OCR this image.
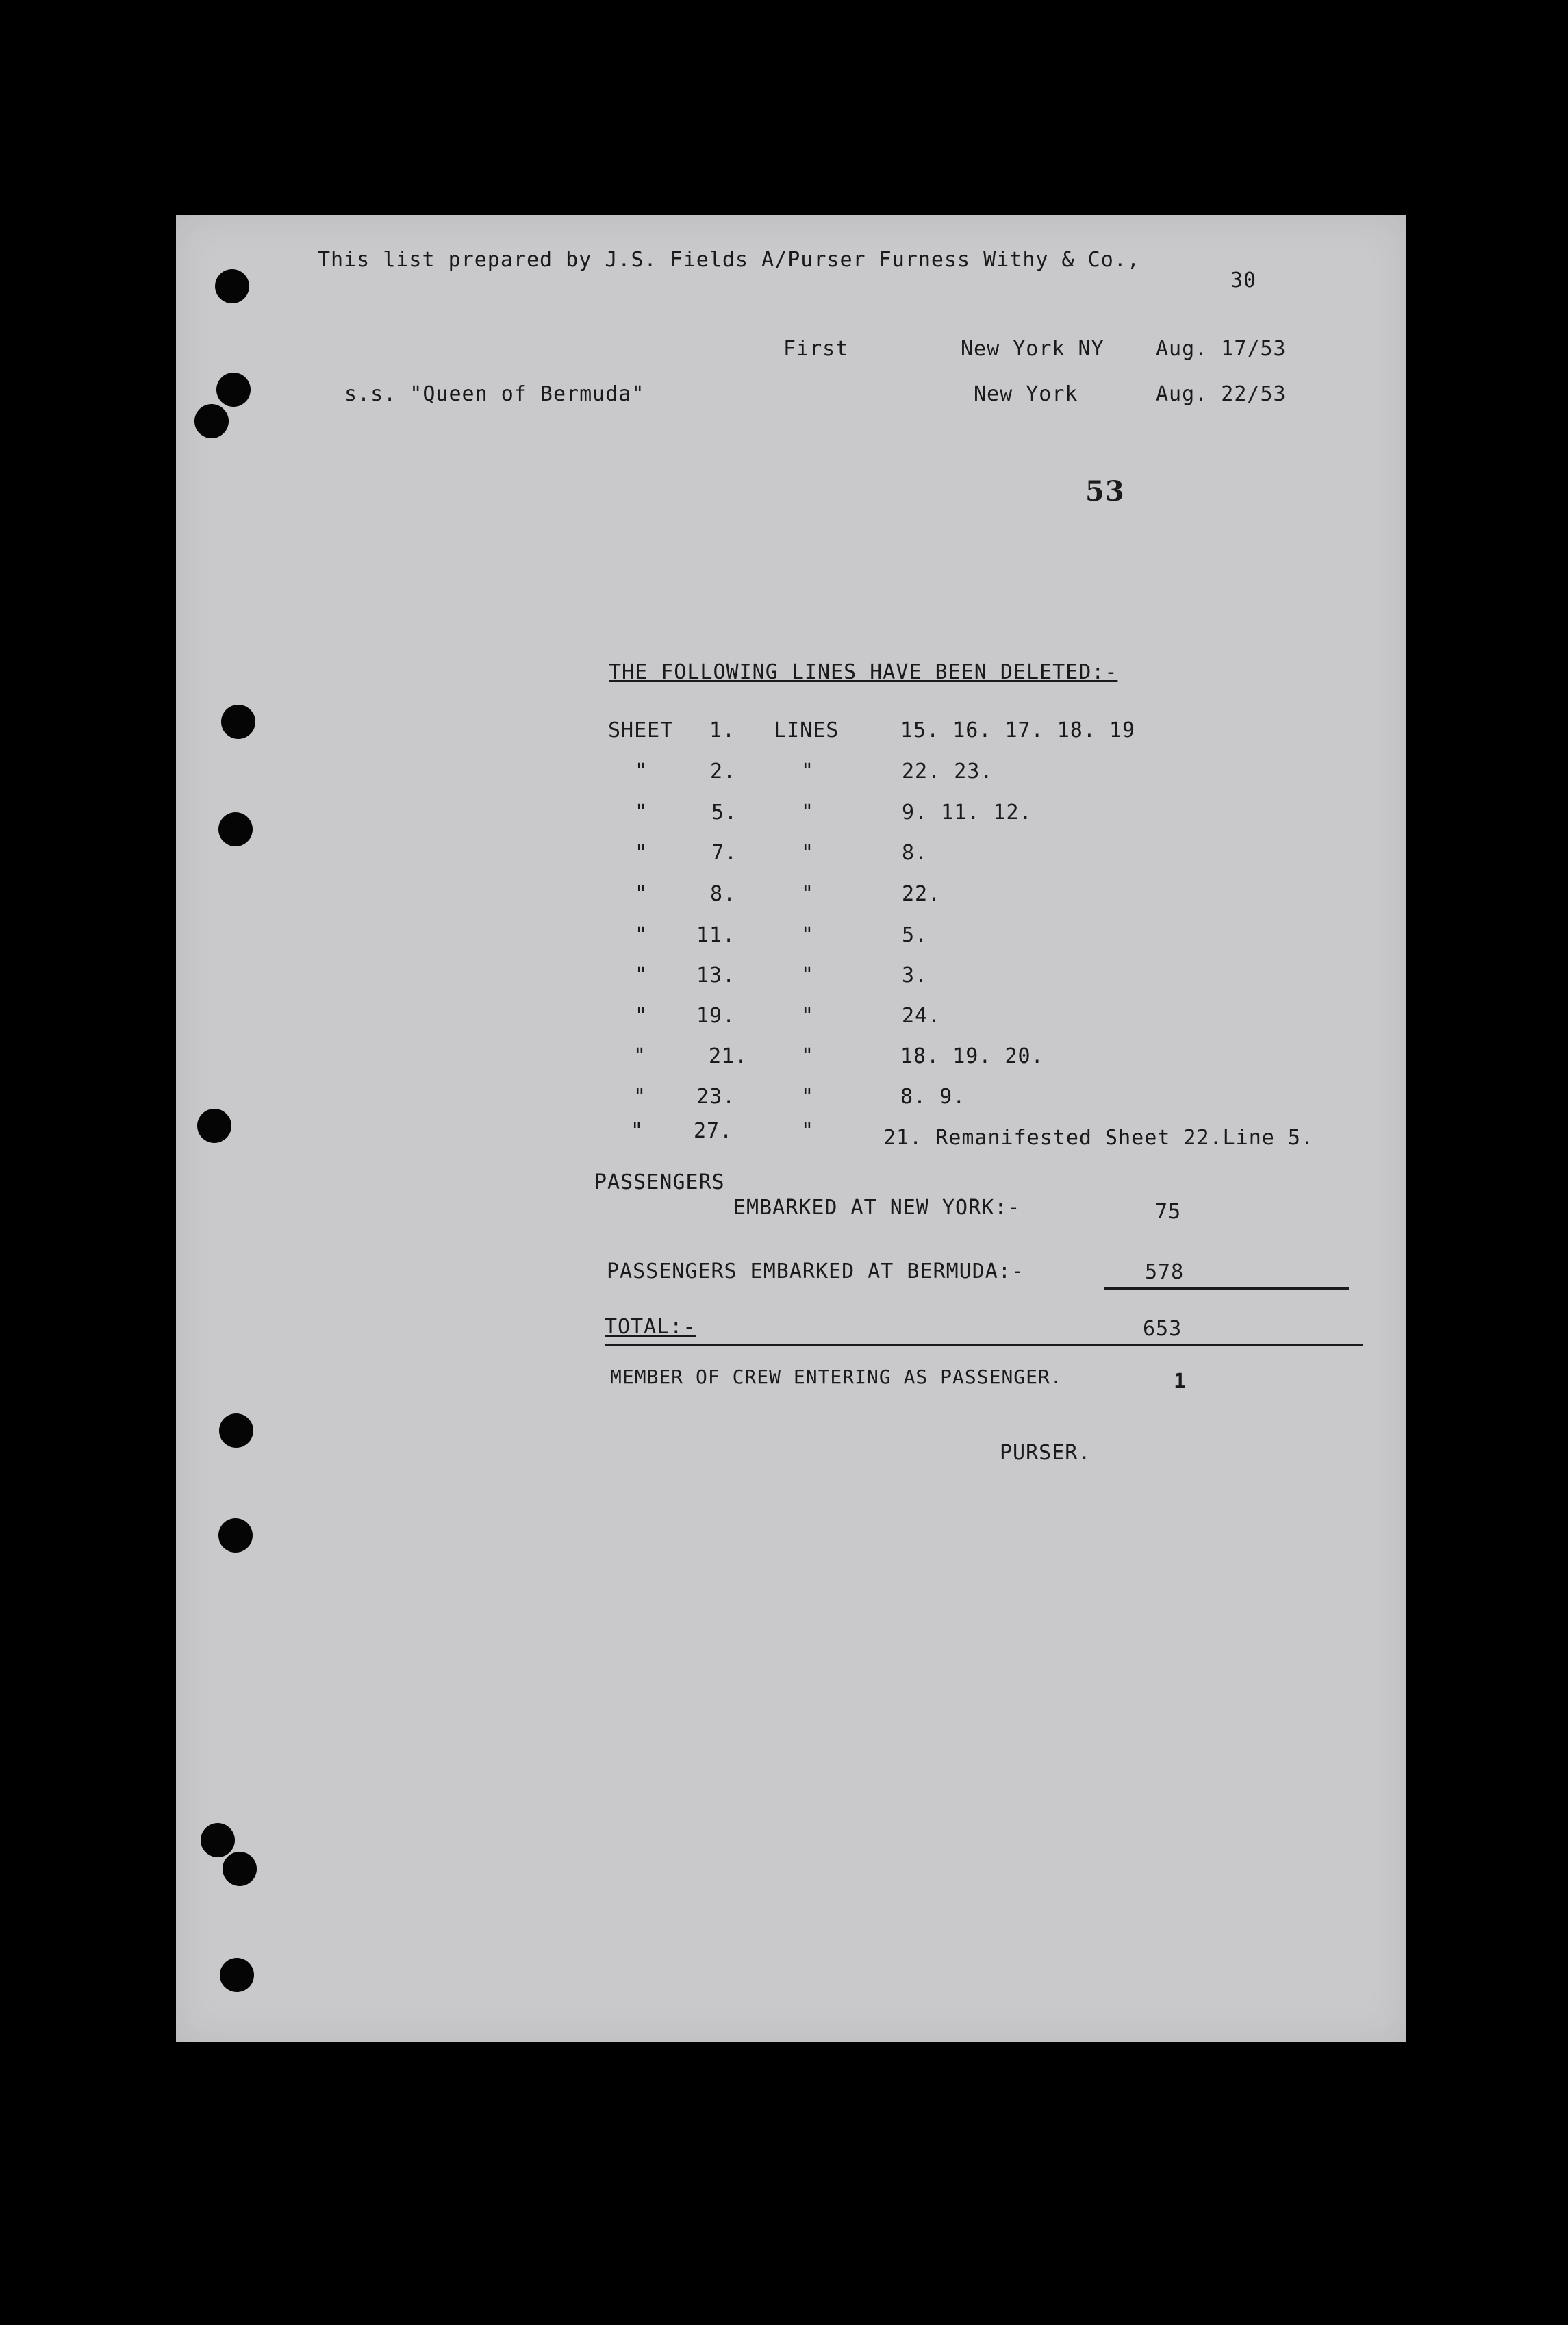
This list prepared by J.S. Fields A/Purser Furness Withy & Co.,
30
First	New York NY	Aug. 17/53
s.s. "Queen of Bermuda"	New York	Aug. 22/53
53
THE FOLLOWING LINES HAVE BEEN DELETED:-
SHEET 1. LINES	15. 16. 17. 18. 19
"	2.	"	22. 23.
"	5.	"	9. 11. 12.
"	7.	"	8.
"	8.	"	22.
" 11.	"	5.
" 13.	"	3.
" 19.	"	24.
"	21.	"	18. 19. 20.
" 23.	"	8. 9.
" 27.	"	21. Remanifested Sheet 22.Line 5.
PASSENGERS
EMBARKED AT NEW YORK:-	75
PASSENGERS EMBARKED AT BERMUDA:-	578
TOTAL:-	653
MEMBER OF CREW ENTERING AS PASSENGER.	1
PURSER.
